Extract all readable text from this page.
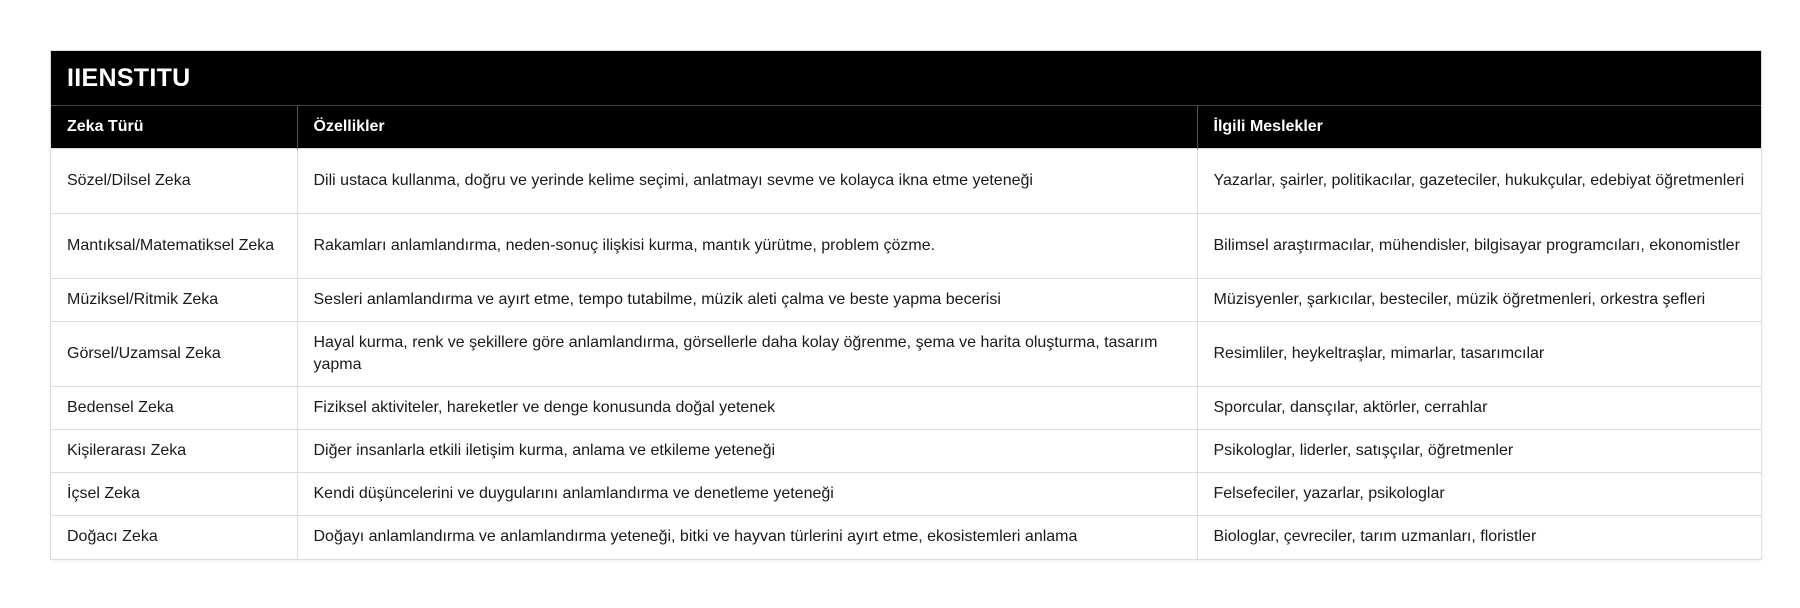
IIENSTITU
Zeka Türü	Özellikler	İlgili Meslekler
Sözel/Dilsel Zeka	Dili ustaca kullanma, doğru ve yerinde kelime seçimi, anlatmayı sevme ve kolayca ikna etme yeteneği	Yazarlar, şairler, politikacılar, gazeteciler, hukukçular, edebiyat öğretmenleri
Mantıksal/Matematiksel Zeka	Rakamları anlamlandırma, neden-sonuç ilişkisi kurma, mantık yürütme, problem çözme.	Bilimsel araştırmacılar, mühendisler, bilgisayar programcıları, ekonomistler
Müziksel/Ritmik Zeka	Sesleri anlamlandırma ve ayırt etme, tempo tutabilme, müzik aleti çalma ve beste yapma becerisi	Müzisyenler, şarkıcılar, besteciler, müzik öğretmenleri, orkestra şefleri
Görsel/Uzamsal Zeka	Hayal kurma, renk ve şekillere göre anlamlandırma, görsellerle daha kolay öğrenme, şema ve harita oluşturma, tasarım yapma	Resimliler, heykeltraşlar, mimarlar, tasarımcılar
Bedensel Zeka	Fiziksel aktiviteler, hareketler ve denge konusunda doğal yetenek	Sporcular, dansçılar, aktörler, cerrahlar
Kişilerarası Zeka	Diğer insanlarla etkili iletişim kurma, anlama ve etkileme yeteneği	Psikologlar, liderler, satışçılar, öğretmenler
İçsel Zeka	Kendi düşüncelerini ve duygularını anlamlandırma ve denetleme yeteneği	Felsefeciler, yazarlar, psikologlar
Doğacı Zeka	Doğayı anlamlandırma ve anlamlandırma yeteneği, bitki ve hayvan türlerini ayırt etme, ekosistemleri anlama	Biologlar, çevreciler, tarım uzmanları, floristler
